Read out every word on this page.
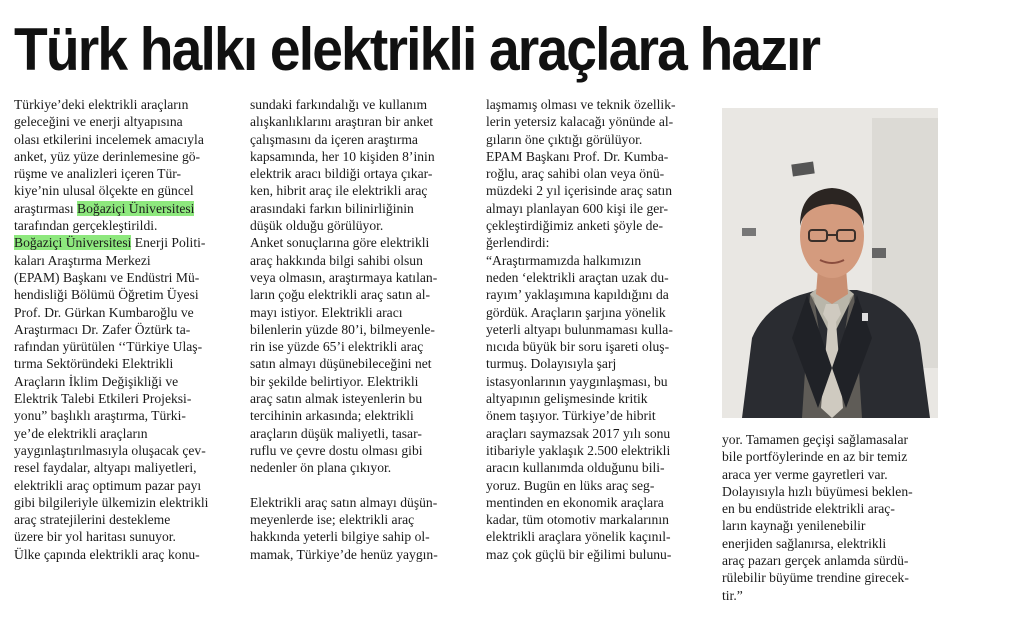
Türk halkı elektrikli araçlara hazır
Türkiye’deki elektrikli araçların
geleceğini ve enerji altyapısına
olası etkilerini incelemek amacıyla
anket, yüz yüze derinlemesine gö-
rüşme ve analizleri içeren Tür-
kiye’nin ulusal ölçekte en güncel
araştırması Boğaziçi Üniversitesi
tarafından gerçekleştirildi.
Boğaziçi Üniversitesi Enerji Politi-
kaları Araştırma Merkezi
(EPAM) Başkanı ve Endüstri Mü-
hendisliği Bölümü Öğretim Üyesi
Prof. Dr. Gürkan Kumbaroğlu ve
Araştırmacı Dr. Zafer Öztürk ta-
rafından yürütülen ‘‘Türkiye Ulaş-
tırma Sektöründeki Elektrikli
Araçların İklim Değişikliği ve
Elektrik Talebi Etkileri Projeksi-
yonu” başlıklı araştırma, Türki-
ye’de elektrikli araçların
yaygınlaştırılmasıyla oluşacak çev-
resel faydalar, altyapı maliyetleri,
elektrikli araç optimum pazar payı
gibi bilgileriyle ülkemizin elektrikli
araç stratejilerini destekleme
üzere bir yol haritası sunuyor.
Ülke çapında elektrikli araç konu-
sundaki farkındalığı ve kullanım
alışkanlıklarını araştıran bir anket
çalışmasını da içeren araştırma
kapsamında, her 10 kişiden 8’inin
elektrik aracı bildiği ortaya çıkar-
ken, hibrit araç ile elektrikli araç
arasındaki farkın bilinirliğinin
düşük olduğu görülüyor.
Anket sonuçlarına göre elektrikli
araç hakkında bilgi sahibi olsun
veya olmasın, araştırmaya katılan-
ların çoğu elektrikli araç satın al-
mayı istiyor. Elektrikli aracı
bilenlerin yüzde 80’i, bilmeyenle-
rin ise yüzde 65’i elektrikli araç
satın almayı düşünebileceğini net
bir şekilde belirtiyor. Elektrikli
araç satın almak isteyenlerin bu
tercihinin arkasında; elektrikli
araçların düşük maliyetli, tasar-
ruflu ve çevre dostu olması gibi
nedenler ön plana çıkıyor.
Elektrikli araç satın almayı düşün-
meyenlerde ise; elektrikli araç
hakkında yeterli bilgiye sahip ol-
mamak, Türkiye’de henüz yaygın-
laşmamış olması ve teknik özellik-
lerin yetersiz kalacağı yönünde al-
gıların öne çıktığı görülüyor.
EPAM Başkanı Prof. Dr. Kumba-
roğlu, araç sahibi olan veya önü-
müzdeki 2 yıl içerisinde araç satın
almayı planlayan 600 kişi ile ger-
çekleştirdiğimiz anketi şöyle de-
ğerlendirdi:
“Araştırmamızda halkımızın
neden ‘elektrikli araçtan uzak du-
rayım’ yaklaşımına kapıldığını da
gördük. Araçların şarjına yönelik
yeterli altyapı bulunmaması kulla-
nıcıda büyük bir soru işareti oluş-
turmuş. Dolayısıyla şarj
istasyonlarının yaygınlaşması, bu
altyapının gelişmesinde kritik
önem taşıyor. Türkiye’de hibrit
araçları saymazsak 2017 yılı sonu
itibariyle yaklaşık 2.500 elektrikli
aracın kullanımda olduğunu bili-
yoruz. Bugün en lüks araç seg-
mentinden en ekonomik araçlara
kadar, tüm otomotiv markalarının
elektrikli araçlara yönelik kaçınıl-
maz çok güçlü bir eğilimi bulunu-
yor. Tamamen geçişi sağlamasalar
bile portföylerinde en az bir temiz
araca yer verme gayretleri var.
Dolayısıyla hızlı büyümesi beklen-
en bu endüstride elektrikli araç-
ların kaynağı yenilenebilir
enerjiden sağlanırsa, elektrikli
araç pazarı gerçek anlamda sürdü-
rülebilir büyüme trendine girecek-
tir.”
